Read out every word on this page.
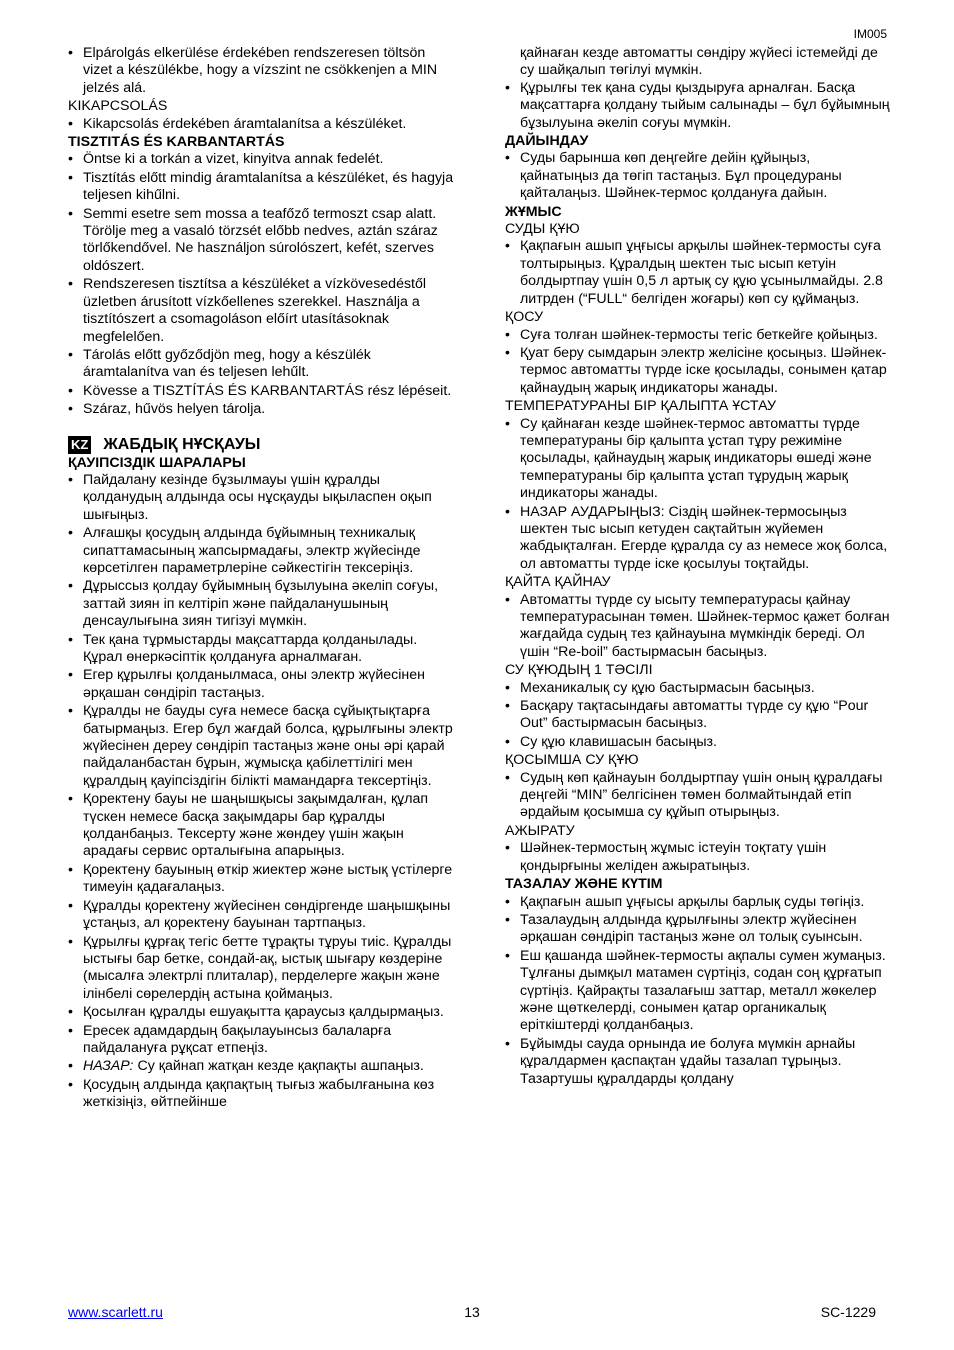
IM005
• Elpárolgás elkerülése érdekében rendszeresen töltsön vizet a készülékbe, hogy a vízszint ne csökkenjen a MIN jelzés alá.

KIKAPCSOLÁS

• Kikapcsolás érdekében áramtalanítsa a készüléket.

TISZTITÁS ÉS KARBANTARTÁS

• Öntse ki a torkán a vizet, kinyitva annak fedelét.
• Tisztítás előtt mindig áramtalanítsa a készüléket, és hagyja teljesen kihűlni.
• Semmi esetre sem mossa a teafőző termoszt csap alatt. Törölje meg a vasaló törzsét előbb nedves, aztán száraz törlőkendővel. Ne használjon súrolószert, kefét, szerves oldószert.
• Rendszeresen tisztítsa a készüléket a vízkövesedéstől üzletben árusított vízkőellenes szerekkel. Használja a tisztítószert a csomagoláson előírt utasításoknak megfelelően.
• Tárolás előtt győződjön meg, hogy a készülék áramtalanítva van és teljesen lehűlt.
• Kövesse a TISZTÍTÁS ÉS KARBANTARTÁS rész lépéseit.
• Száraz, hűvös helyen tárolja.
KZ ЖАБДЫҚ НҰСҚАУЫ

ҚАУІПСІЗДІК ШАРАЛАРЫ

• Пайдалану кезінде бұзылмауы үшін құралды қолданудың алдында осы нұсқауды ықыласпен оқып шығыңыз.
• Алғашқы қосудың алдында бұйымның техникалық сипаттамасының жапсырмадағы, электр жүйесінде көрсетілген параметрлеріне сәйкестігін тексеріңіз.
• Дұрыссыз қолдау бұйымның бұзылуына әкеліп соғуы, заттай зиян іп келтіріп және пайдаланушының денсаулығына зиян тигізуі мүмкін.
• Тек қана тұрмыстарды мақсаттарда қолданылады. Құрал өнеркәсіптік қолдануға арналмаған.
• Егер құрылғы қолданылмаса, оны электр жүйесінен әрқашан сөндіріп тастаңыз.
• Құралды не бауды суға немесе басқа сұйықтықтарға батырмаңыз. Егер бұл жағдай болса, құрылғыны электр жүйесінен дереу сөндіріп тастаңыз және оны әрі қарай пайдаланбастан бұрын, жұмысқа қабілеттілігі мен құралдың қауіпсіздігін білікті мамандарға тексертіңіз.
• Қоректену бауы не шаңышқысы зақымдалған, құлап түскен немесе басқа зақымдары бар құралды қолданбаңыз. Тексерту және жөндеу үшін жақын арадағы сервис орталығына апарыңыз.
• Қоректену бауының өткір жиектер және ыстық үстілерге тимеуін қадағалаңыз.
• Құралды қоректену жүйесінен сөндіргенде шаңышқыны ұстаңыз, ал қоректену бауынан тартпаңыз.
• Құрылғы құрғақ тегіс бетте тұрақты тұруы тиіс. Құралды ыстығы бар бетке, сондай-ақ, ыстық шығару көздеріне (мысалға электрлі плиталар), перделерге жақын және ілінбелі сөрелердің астына қоймаңыз.
• Қосылған құралды ешуақытта қараусыз қалдырмаңыз.
• Ересек адамдардың бақылауынсыз балаларға пайдалануға рұқсат етпеңіз.
• НАЗАР: Су қайнап жатқан кезде қақпақты ашпаңыз.
• Қосудың алдында қақпақтың тығыз жабылғанына көз жеткізіңіз, өйтпейінше

қайнаған кезде автоматты сөндіру жүйесі істемейді де су шайқалып төгілуі мүмкін.

• Құрылғы тек қана суды қыздыруға арналған. Басқа мақсаттарға қолдану тыйым салынады – бұл бұйымның бұзылуына әкеліп соғуы мүмкін.

ДАЙЫНДАУ

• Суды барынша көп деңгейге дейін құйыңыз, қайнатыңыз да төгіп тастаңыз. Бұл процедураны қайталаңыз. Шәйнек-термос қолдануға дайын.

ЖҰМЫС

СУДЫ ҚҰЮ

• Қақпағын ашып ұңғысы арқылы шәйнек-термосты суға толтырыңыз. Құралдың шектен тыс ысып кетуін болдыртпау үшін 0,5 л артық су құю ұсынылмайды. 2.8 литрден (“FULL“ белгіден жоғары) көп су құймаңыз.

ҚОСУ

• Суға толған шәйнек-термосты тегіс беткейге қойыңыз.
• Қуат беру сымдарын электр желісіне қосыңыз. Шәйнек-термос автоматты түрде іске қосылады, сонымен қатар қайнаудың жарық индикаторы жанады.

ТЕМПЕРАТУРАНЫ БІР ҚАЛЫПТА ҰСТАУ

• Су қайнаған кезде шәйнек-термос автоматты түрде температураны бір қалыпта ұстап тұру режиміне қосылады, қайнаудың жарық индикаторы өшеді және температураны бір қалыпта ұстап тұрудың жарық индикаторы жанады.
• НАЗАР АУДАРЫҢЫЗ: Сіздің шәйнек-термосыңыз шектен тыс ысып кетуден сақтайтын жүйемен жабдықталған. Егерде құралда су аз немесе жоқ болса, ол автоматты түрде іске қосылуы тоқтайды.

ҚАЙТА ҚАЙНАУ

• Автоматты түрде су ысыту температурасы қайнау температурасынан төмен. Шәйнек-термос қажет болған жағдайда судың тез қайнауына мүмкіндік береді. Ол үшін “Re-boil” бастырмасын басыңыз.

СУ ҚҰЮДЫҢ 1 ТӘСІЛІ

• Механикалық су құю бастырмасын басыңыз.
• Басқару тақтасындағы автоматты түрде су құю “Pour Out” бастырмасын басыңыз.
• Су құю клавишасын басыңыз.

ҚОСЫМША СУ ҚҰЮ

• Судың көп қайнауын болдыртпау үшін оның құралдағы деңгейі “MIN” белгісінен төмен болмайтындай етіп әрдайым қосымша су құйып отырыңыз.

АЖЫРАТУ

• Шәйнек-термостың жұмыс істеуін тоқтату үшін қондырғыны желіден ажыратыңыз.

ТАЗАЛАУ ЖӘНЕ КҮТІМ

• Қақпағын ашып ұңғысы арқылы барлық суды төгіңіз.
• Тазалаудың алдында құрылғыны электр жүйесінен әрқашан сөндіріп тастаңыз және ол толық суынсын.
• Еш қашанда шәйнек-термосты ақпалы сумен жумаңыз. Тұлғаны дымқыл матамен сүртіңіз, содан соң құрғатып сүртіңіз. Қайрақты тазалағыш заттар, металл жөкелер және щөткелерді, сонымен қатар органикалық еріткіштерді қолданбаңыз.
• Бұйымды сауда орнында ие болуға мүмкін арнайы құралдармен қаспақтан ұдайы тазалап тұрыңыз. Тазартушы құралдарды қолдану
www.scarlett.ru	13	SC-1229
